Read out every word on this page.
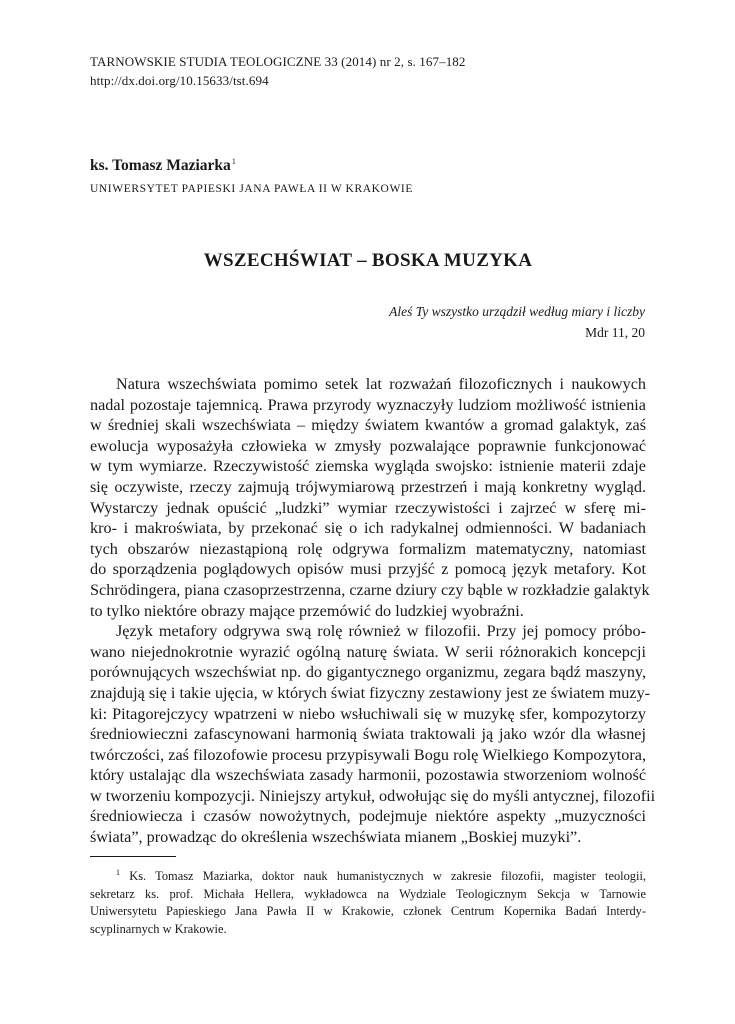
TARNOWSKIE STUDIA TEOLOGICZNE 33 (2014) nr 2, s. 167–182
http://dx.doi.org/10.15633/tst.694
ks. Tomasz Maziarka$^1$
UNIWERSYTET PAPIESKI JANA PAWŁA II W KRAKOWIE
WSZECHŚWIAT – BOSKA MUZYKA
Aleś Ty wszystko urządził według miary i liczby
Mdr 11, 20
Natura wszechświata pomimo setek lat rozważań filozoficznych i naukowych
nadal pozostaje tajemnicą. Prawa przyrody wyznaczyły ludziom możliwość istnienia
w średniej skali wszechświata – między światem kwantów a gromad galaktyk, zaś
ewolucja wyposażyła człowieka w zmysły pozwalające poprawnie funkcjonować
w tym wymiarze. Rzeczywistość ziemska wygląda swojsko: istnienie materii zdaje
się oczywiste, rzeczy zajmują trójwymiarową przestrzeń i mają konkretny wygląd.
Wystarczy jednak opuścić „ludzki” wymiar rzeczywistości i zajrzeć w sferę mi-
kro- i makroświata, by przekonać się o ich radykalnej odmienności. W badaniach
tych obszarów niezastąpioną rolę odgrywa formalizm matematyczny, natomiast
do sporządzenia poglądowych opisów musi przyjść z pomocą język metafory. Kot
Schrödingera, piana czasoprzestrzenna, czarne dziury czy bąble w rozkładzie galaktyk
to tylko niektóre obrazy mające przemówić do ludzkiej wyobraźni.
Język metafory odgrywa swą rolę również w filozofii. Przy jej pomocy próbo-
wano niejednokrotnie wyrazić ogólną naturę świata. W serii różnorakich koncepcji
porównujących wszechświat np. do gigantycznego organizmu, zegara bądź maszyny,
znajdują się i takie ujęcia, w których świat fizyczny zestawiony jest ze światem muzy-
ki: Pitagorejczycy wpatrzeni w niebo wsłuchiwali się w muzykę sfer, kompozytorzy
średniowieczni zafascynowani harmonią świata traktowali ją jako wzór dla własnej
twórczości, zaś filozofowie procesu przypisywali Bogu rolę Wielkiego Kompozytora,
który ustalając dla wszechświata zasady harmonii, pozostawia stworzeniom wolność
w tworzeniu kompozycji. Niniejszy artykuł, odwołując się do myśli antycznej, filozofii
średniowiecza i czasów nowożytnych, podejmuje niektóre aspekty „muzyczności
świata”, prowadząc do określenia wszechświata mianem „Boskiej muzyki”.
$^1$ Ks. Tomasz Maziarka, doktor nauk humanistycznych w zakresie filozofii, magister teologii,
sekretarz ks. prof. Michała Hellera, wykładowca na Wydziale Teologicznym Sekcja w Tarnowie
Uniwersytetu Papieskiego Jana Pawła II w Krakowie, członek Centrum Kopernika Badań Interdy-
scyplinarnych w Krakowie.
